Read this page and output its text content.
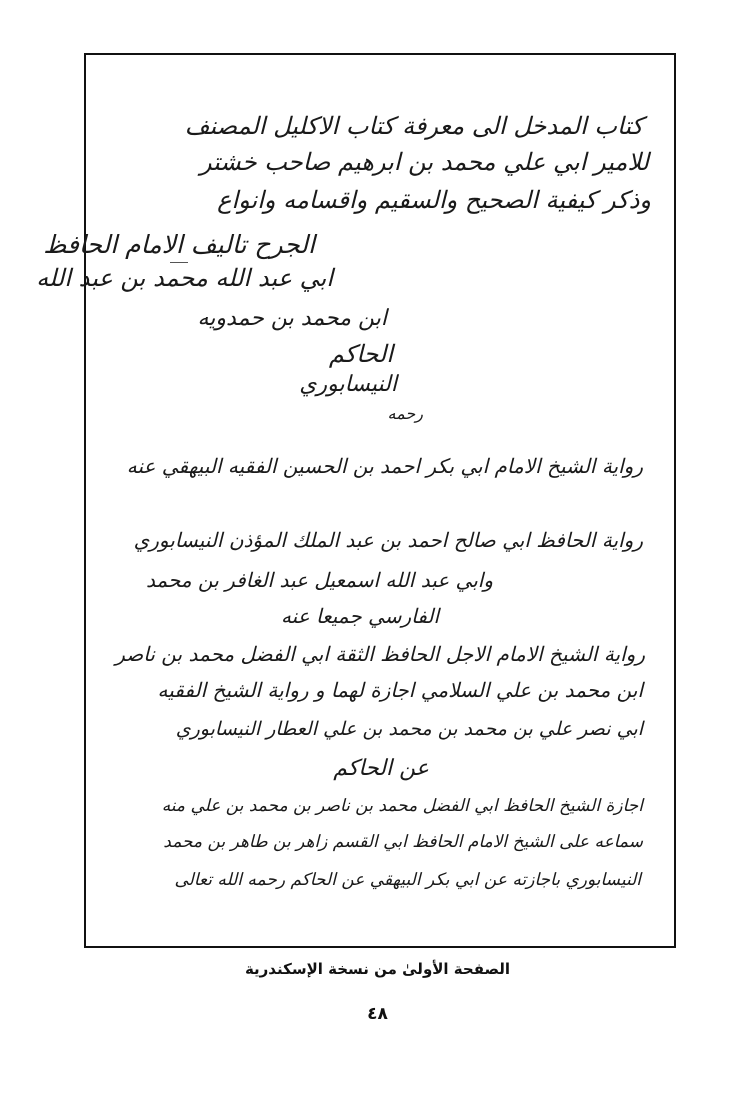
كتاب المدخل الى معرفة كتاب الاكليل المصنف
للامير ابي علي محمد بن ابرهيم صاحب خشتر
وذكر كيفية الصحيح والسقيم واقسامه وانواع
الجرح تاليف الامام الحافظ
ابي عبد الله محمد بن عبد الله
ابن محمد بن حمدويه
الحاكم
النيسابوري
رحمه
رواية الشيخ الامام ابي بكر احمد بن الحسين الفقيه البيهقي عنه
رواية الحافظ ابي صالح احمد بن عبد الملك المؤذن النيسابوري
وابي عبد الله اسمعيل عبد الغافر بن محمد
الفارسي جميعا عنه
رواية الشيخ الامام الاجل الحافظ الثقة ابي الفضل محمد بن ناصر
ابن محمد بن علي السلامي اجازة لهما و رواية الشيخ الفقيه
ابي نصر علي بن محمد بن محمد بن علي العطار النيسابوري
عن الحاكم
اجازة الشيخ الحافظ ابي الفضل محمد بن ناصر بن محمد بن علي منه
سماعه على الشيخ الامام الحافظ ابي القسم زاهر بن طاهر بن محمد
النيسابوري باجازته عن ابي بكر البيهقي عن الحاكم رحمه الله تعالى
الصفحة الأولىٰ من نسخة الإسكندرية
٤٨
